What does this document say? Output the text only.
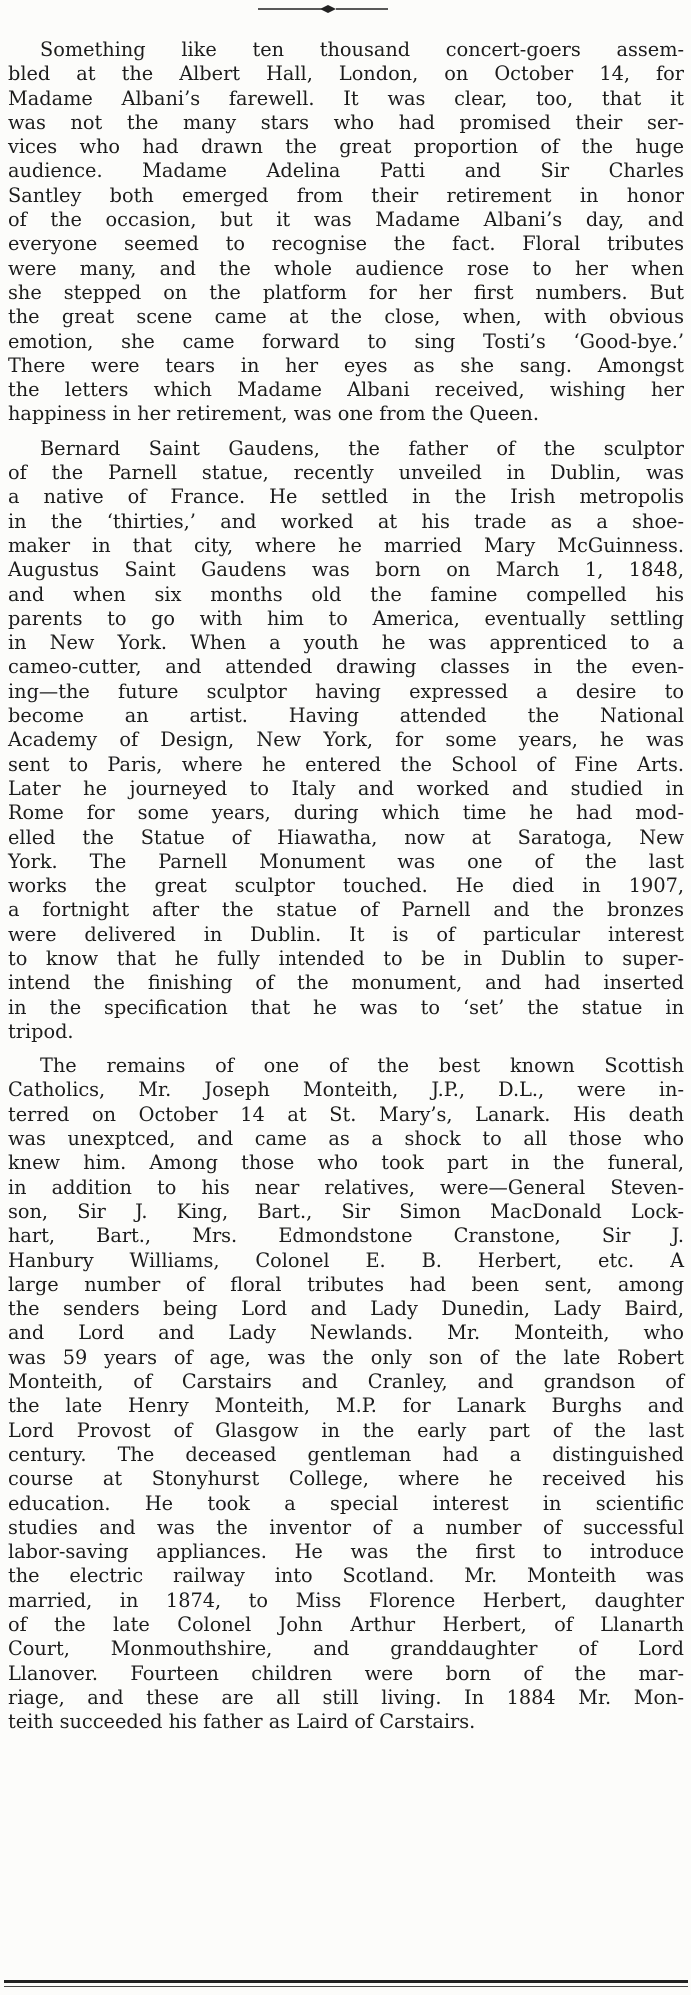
Something like ten thousand concert-goers assem-
bled at the Albert Hall, London, on October 14, for
Madame Albani’s farewell. It was clear, too, that it
was not the many stars who had promised their ser-
vices who had drawn the great proportion of the huge
audience. Madame Adelina Patti and Sir Charles
Santley both emerged from their retirement in honor
of the occasion, but it was Madame Albani’s day, and
everyone seemed to recognise the fact. Floral tributes
were many, and the whole audience rose to her when
she stepped on the platform for her first numbers. But
the great scene came at the close, when, with obvious
emotion, she came forward to sing Tosti’s ‘Good-bye.’
There were tears in her eyes as she sang. Amongst
the letters which Madame Albani received, wishing her
happiness in her retirement, was one from the Queen.
Bernard Saint Gaudens, the father of the sculptor
of the Parnell statue, recently unveiled in Dublin, was
a native of France. He settled in the Irish metropolis
in the ‘thirties,’ and worked at his trade as a shoe-
maker in that city, where he married Mary McGuinness.
Augustus Saint Gaudens was born on March 1, 1848,
and when six months old the famine compelled his
parents to go with him to America, eventually settling
in New York. When a youth he was apprenticed to a
cameo-cutter, and attended drawing classes in the even-
ing—the future sculptor having expressed a desire to
become an artist. Having attended the National
Academy of Design, New York, for some years, he was
sent to Paris, where he entered the School of Fine Arts.
Later he journeyed to Italy and worked and studied in
Rome for some years, during which time he had mod-
elled the Statue of Hiawatha, now at Saratoga, New
York. The Parnell Monument was one of the last
works the great sculptor touched. He died in 1907,
a fortnight after the statue of Parnell and the bronzes
were delivered in Dublin. It is of particular interest
to know that he fully intended to be in Dublin to super-
intend the finishing of the monument, and had inserted
in the specification that he was to ‘set’ the statue in
tripod.
The remains of one of the best known Scottish
Catholics, Mr. Joseph Monteith, J.P., D.L., were in-
terred on October 14 at St. Mary’s, Lanark. His death
was unexptced, and came as a shock to all those who
knew him. Among those who took part in the funeral,
in addition to his near relatives, were—General Steven-
son, Sir J. King, Bart., Sir Simon MacDonald Lock-
hart, Bart., Mrs. Edmondstone Cranstone, Sir J.
Hanbury Williams, Colonel E. B. Herbert, etc. A
large number of floral tributes had been sent, among
the senders being Lord and Lady Dunedin, Lady Baird,
and Lord and Lady Newlands. Mr. Monteith, who
was 59 years of age, was the only son of the late Robert
Monteith, of Carstairs and Cranley, and grandson of
the late Henry Monteith, M.P. for Lanark Burghs and
Lord Provost of Glasgow in the early part of the last
century. The deceased gentleman had a distinguished
course at Stonyhurst College, where he received his
education. He took a special interest in scientific
studies and was the inventor of a number of successful
labor-saving appliances. He was the first to introduce
the electric railway into Scotland. Mr. Monteith was
married, in 1874, to Miss Florence Herbert, daughter
of the late Colonel John Arthur Herbert, of Llanarth
Court, Monmouthshire, and granddaughter of Lord
Llanover. Fourteen children were born of the mar-
riage, and these are all still living. In 1884 Mr. Mon-
teith succeeded his father as Laird of Carstairs.
